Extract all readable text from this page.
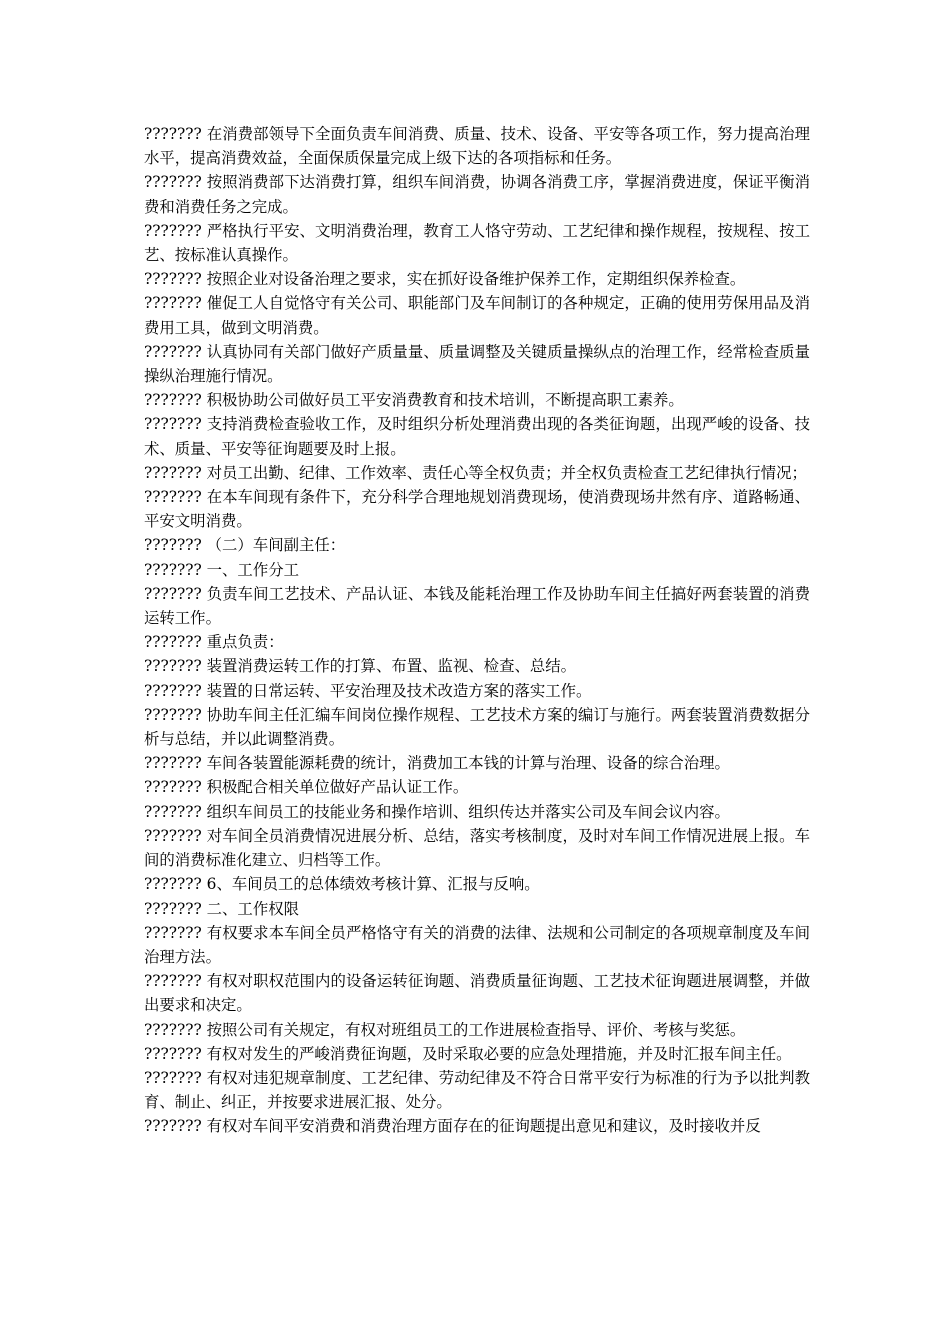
??????? 在消费部领导下全面负责车间消费、质量、技术、设备、平安等各项工作，努力提高治理水平，提高消费效益，全面保质保量完成上级下达的各项指标和任务。

??????? 按照消费部下达消费打算，组织车间消费，协调各消费工序，掌握消费进度，保证平衡消费和消费任务之完成。

??????? 严格执行平安、文明消费治理，教育工人恪守劳动、工艺纪律和操作规程，按规程、按工艺、按标准认真操作。

??????? 按照企业对设备治理之要求，实在抓好设备维护保养工作，定期组织保养检查。

??????? 催促工人自觉恪守有关公司、职能部门及车间制订的各种规定，正确的使用劳保用品及消费用工具，做到文明消费。

??????? 认真协同有关部门做好产质量量、质量调整及关键质量操纵点的治理工作，经常检查质量操纵治理施行情况。

??????? 积极协助公司做好员工平安消费教育和技术培训，不断提高职工素养。

??????? 支持消费检查验收工作，及时组织分析处理消费出现的各类征询题，出现严峻的设备、技术、质量、平安等征询题要及时上报。

??????? 对员工出勤、纪律、工作效率、责任心等全权负责；并全权负责检查工艺纪律执行情况；

??????? 在本车间现有条件下，充分科学合理地规划消费现场，使消费现场井然有序、道路畅通、平安文明消费。

??????? （二）车间副主任：

??????? 一、工作分工

??????? 负责车间工艺技术、产品认证、本钱及能耗治理工作及协助车间主任搞好两套装置的消费运转工作。

??????? 重点负责：

??????? 装置消费运转工作的打算、布置、监视、检查、总结。

??????? 装置的日常运转、平安治理及技术改造方案的落实工作。

??????? 协助车间主任汇编车间岗位操作规程、工艺技术方案的编订与施行。两套装置消费数据分析与总结，并以此调整消费。

??????? 车间各装置能源耗费的统计，消费加工本钱的计算与治理、设备的综合治理。

??????? 积极配合相关单位做好产品认证工作。

??????? 组织车间员工的技能业务和操作培训、组织传达并落实公司及车间会议内容。

??????? 对车间全员消费情况进展分析、总结，落实考核制度，及时对车间工作情况进展上报。车间的消费标准化建立、归档等工作。

??????? 6、车间员工的总体绩效考核计算、汇报与反响。

??????? 二、工作权限

??????? 有权要求本车间全员严格恪守有关的消费的法律、法规和公司制定的各项规章制度及车间治理方法。

??????? 有权对职权范围内的设备运转征询题、消费质量征询题、工艺技术征询题进展调整，并做出要求和决定。

??????? 按照公司有关规定，有权对班组员工的工作进展检查指导、评价、考核与奖惩。

??????? 有权对发生的严峻消费征询题，及时采取必要的应急处理措施，并及时汇报车间主任。

??????? 有权对违犯规章制度、工艺纪律、劳动纪律及不符合日常平安行为标准的行为予以批判教育、制止、纠正，并按要求进展汇报、处分。

??????? 有权对车间平安消费和消费治理方面存在的征询题提出意见和建议，及时接收并反
